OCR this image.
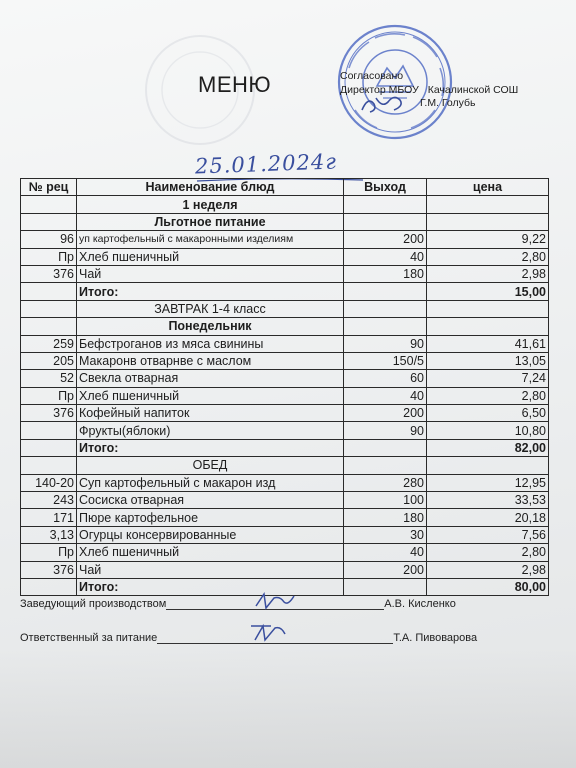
МЕНЮ	Согласовано
Директор МБОУ Качалинской СОШ
Г.М. Голубь
25.01.2024г
№ рец	Наименование блюд	Выход	цена
	1 неделя		
	Льготное питание		
96	уп картофельный с макаронными изделиям	200	9,22
Пр	Хлеб пшеничный	40	2,80
376	Чай	180	2,98
	Итого:		15,00
	ЗАВТРАК 1-4 класс		
	Понедельник		
259	Бефстроганов из мяса свинины	90	41,61
205	Макаронв отварнве с маслом	150/5	13,05
52	Свекла отварная	60	7,24
Пр	Хлеб пшеничный	40	2,80
376	Кофейный напиток	200	6,50
	Фрукты(яблоки)	90	10,80
	Итого:		82,00
	ОБЕД		
140-20	Суп картофельный с макарон изд	280	12,95
243	Сосиска отварная	100	33,53
171	Пюре картофельное	180	20,18
3,13	Огурцы консервированные	30	7,56
Пр	Хлеб пшеничный	40	2,80
376	Чай	200	2,98
	Итого:		80,00
Заведующий производством	А.В. Кисленко
Ответственный за питание	Т.А. Пивоварова
